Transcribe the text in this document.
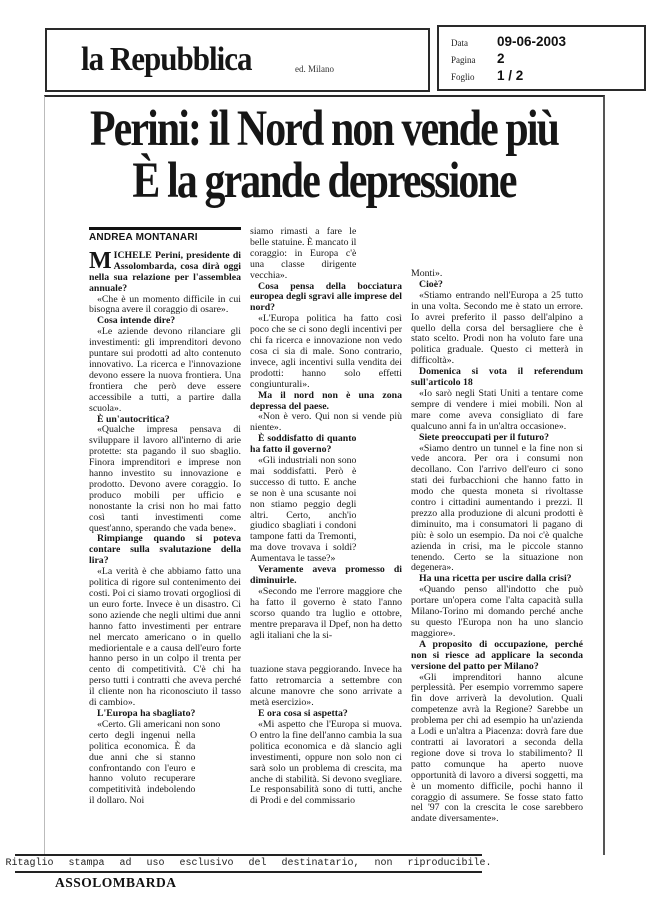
la Repubblica	ed. Milano
Data	09-06-2003
Pagina	2
Foglio	1 / 2
Perini: il Nord non vende più
È la grande depressione
ANDREA MONTANARI

MICHELE Perini, presidente di Assolombarda, cosa dirà oggi nella sua relazione per l'assemblea annuale?

«Che è un momento difficile in cui bisogna avere il coraggio di osare».

Cosa intende dire?

«Le aziende devono rilanciare gli investimenti: gli imprenditori devono puntare sui prodotti ad alto contenuto innovativo. La ricerca e l'innovazione devono essere la nuova frontiera. Una frontiera che però deve essere accessibile a tutti, a partire dalla scuola».

È un'autocritica?

«Qualche impresa pensava di sviluppare il lavoro all'interno di arie protette: sta pagando il suo sbaglio. Finora imprenditori e imprese non hanno investito su innovazione e prodotto. Devono avere coraggio. Io produco mobili per ufficio e nonostante la crisi non ho mai fatto così tanti investimenti come quest'anno, sperando che vada bene».

Rimpiange quando si poteva contare sulla svalutazione della lira?

«La verità è che abbiamo fatto una politica di rigore sul contenimento dei costi. Poi ci siamo trovati orgogliosi di un euro forte. Invece è un disastro. Ci sono aziende che negli ultimi due anni hanno fatto investimenti per entrare nel mercato americano o in quello mediorientale e a causa dell'euro forte hanno perso in un colpo il trenta per cento di competitività. C'è chi ha perso tutti i contratti che aveva perché il cliente non ha riconosciuto il tasso di cambio».

L'Europa ha sbagliato?

«Certo. Gli americani non sono

certo degli ingenui nella politica economica. È da due anni che si stanno confrontando con l'euro e hanno voluto recuperare competitività indebolendo il dollaro. Noi

siamo rimasti a fare le belle statuine. È mancato il coraggio: in Europa c'è una classe dirigente vecchia».

Cosa pensa della bocciatura europea degli sgravi alle imprese del nord?

«L'Europa politica ha fatto così poco che se ci sono degli incentivi per chi fa ricerca e innovazione non vedo cosa ci sia di male. Sono contrario, invece, agli incentivi sulla vendita dei prodotti: hanno solo effetti congiunturali».

Ma il nord non è una zona depressa del paese.

«Non è vero. Qui non si vende più niente».

È soddisfatto di quanto ha fatto il governo?

«Gli industriali non sono mai soddisfatti. Però è successo di tutto. E anche se non è una scusante noi non stiamo peggio degli altri. Certo, anch'io giudico sbagliati i condoni tampone fatti da Tremonti, ma dove trovava i soldi? Aumentava le tasse?»

Veramente aveva promesso di diminuirle.

«Secondo me l'errore maggiore che ha fatto il governo è stato l'anno scorso quando tra luglio e ottobre, mentre preparava il Dpef, non ha detto agli italiani che la si-

tuazione stava peggiorando. Invece ha fatto retromarcia a settembre con alcune manovre che sono arrivate a metà esercizio».

E ora cosa si aspetta?

«Mi aspetto che l'Europa si muova. O entro la fine dell'anno cambia la sua politica economica e dà slancio agli investimenti, oppure non solo non ci sarà solo un problema di crescita, ma anche di stabilità. Si devono svegliare. Le responsabilità sono di tutti, anche di Prodi e del commissario

Monti».

Cioè?

«Stiamo entrando nell'Europa a 25 tutto in una volta. Secondo me è stato un errore. Io avrei preferito il passo dell'alpino a quello della corsa del bersagliere che è stato scelto. Prodi non ha voluto fare una politica graduale. Questo ci metterà in difficoltà».

Domenica si vota il referendum sull'articolo 18

«Io sarò negli Stati Uniti a tentare come sempre di vendere i miei mobili. Non al mare come aveva consigliato di fare qualcuno anni fa in un'altra occasione».

Siete preoccupati per il futuro?

«Siamo dentro un tunnel e la fine non si vede ancora. Per ora i consumi non decollano. Con l'arrivo dell'euro ci sono stati dei furbacchioni che hanno fatto in modo che questa moneta si rivoltasse contro i cittadini aumentando i prezzi. Il prezzo alla produzione di alcuni prodotti è diminuito, ma i consumatori li pagano di più: è solo un esempio. Da noi c'è qualche azienda in crisi, ma le piccole stanno tenendo. Certo se la situazione non degenera».

Ha una ricetta per uscire dalla crisi?

«Quando penso all'indotto che può portare un'opera come l'alta capacità sulla Milano-Torino mi domando perché anche su questo l'Europa non ha uno slancio maggiore».

A proposito di occupazione, perché non si riesce ad applicare la seconda versione del patto per Milano?

«Gli imprenditori hanno alcune perplessità. Per esempio vorremmo sapere fin dove arriverà la devolution. Quali competenze avrà la Regione? Sarebbe un problema per chi ad esempio ha un'azienda a Lodi e un'altra a Piacenza: dovrà fare due contratti ai lavoratori a seconda della regione dove si trova lo stabilimento? Il patto comunque ha aperto nuove opportunità di lavoro a diversi soggetti, ma è un momento difficile, pochi hanno il coraggio di assumere. Se fosse stato fatto nel '97 con la crescita le cose sarebbero andate diversamente».

Ritaglio stampa ad uso esclusivo del destinatario, non riproducibile.
ASSOLOMBARDA
